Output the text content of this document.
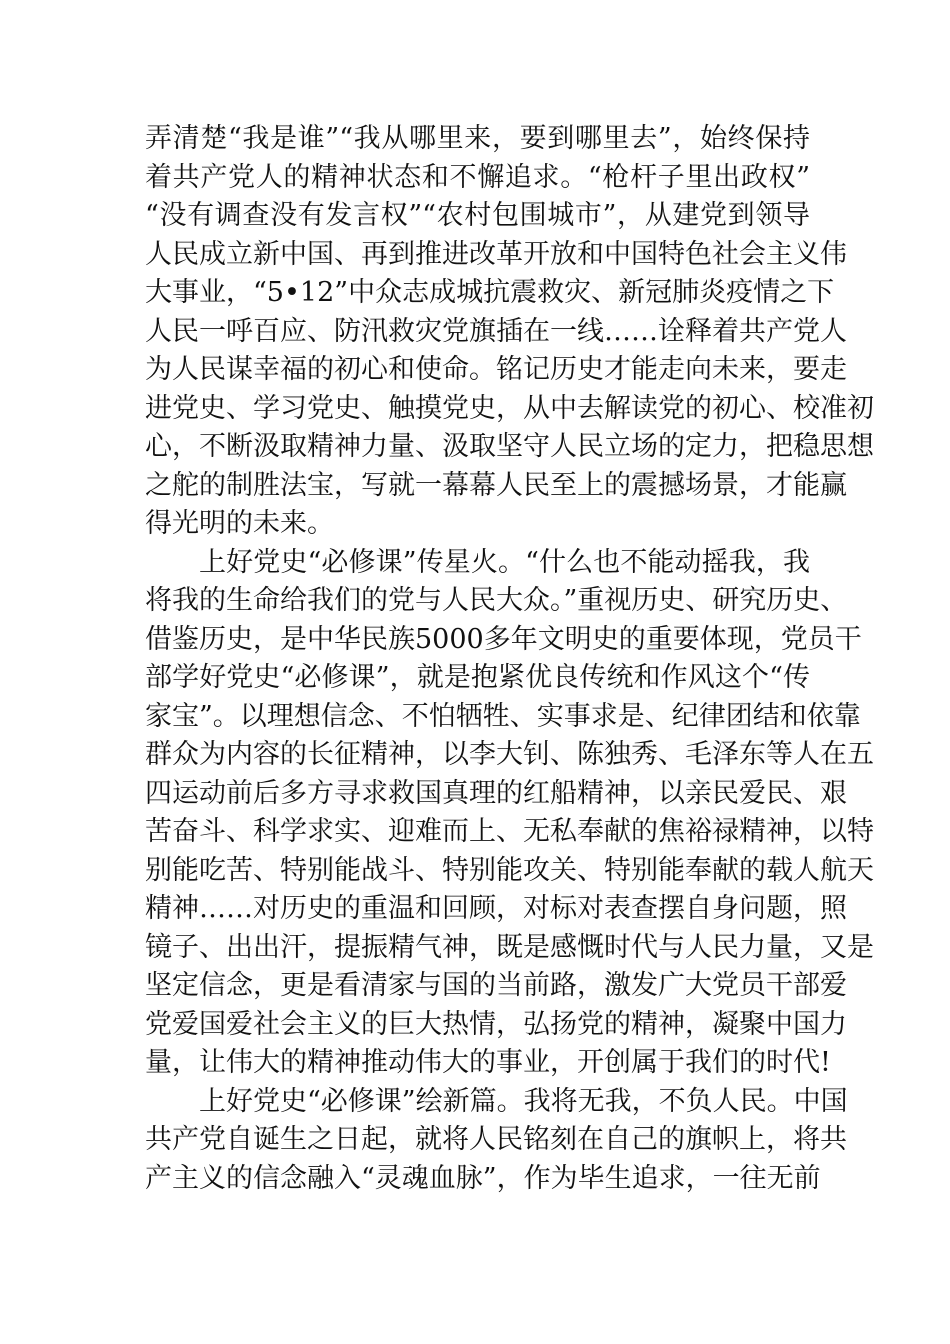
弄清楚“我是谁”“我从哪里来，要到哪里去”，始终保持
着共产党人的精神状态和不懈追求。“枪杆子里出政权”
“没有调查没有发言权”“农村包围城市”，从建党到领导
人民成立新中国、再到推进改革开放和中国特色社会主义伟
大事业，“5•12”中众志成城抗震救灾、新冠肺炎疫情之下
人民一呼百应、防汛救灾党旗插在一线……诠释着共产党人
为人民谋幸福的初心和使命。铭记历史才能走向未来，要走
进党史、学习党史、触摸党史，从中去解读党的初心、校准初
心，不断汲取精神力量、汲取坚守人民立场的定力，把稳思想
之舵的制胜法宝，写就一幕幕人民至上的震撼场景，才能赢
得光明的未来。
上好党史“必修课”传星火。“什么也不能动摇我，我
将我的生命给我们的党与人民大众。”重视历史、研究历史、
借鉴历史，是中华民族5000多年文明史的重要体现，党员干
部学好党史“必修课”，就是抱紧优良传统和作风这个“传
家宝”。以理想信念、不怕牺牲、实事求是、纪律团结和依靠
群众为内容的长征精神，以李大钊、陈独秀、毛泽东等人在五
四运动前后多方寻求救国真理的红船精神，以亲民爱民、艰
苦奋斗、科学求实、迎难而上、无私奉献的焦裕禄精神，以特
别能吃苦、特别能战斗、特别能攻关、特别能奉献的载人航天
精神……对历史的重温和回顾，对标对表查摆自身问题，照
镜子、出出汗，提振精气神，既是感慨时代与人民力量，又是
坚定信念，更是看清家与国的当前路，激发广大党员干部爱
党爱国爱社会主义的巨大热情，弘扬党的精神，凝聚中国力
量，让伟大的精神推动伟大的事业，开创属于我们的时代!
上好党史“必修课”绘新篇。我将无我，不负人民。中国
共产党自诞生之日起，就将人民铭刻在自己的旗帜上，将共
产主义的信念融入“灵魂血脉”，作为毕生追求，一往无前
